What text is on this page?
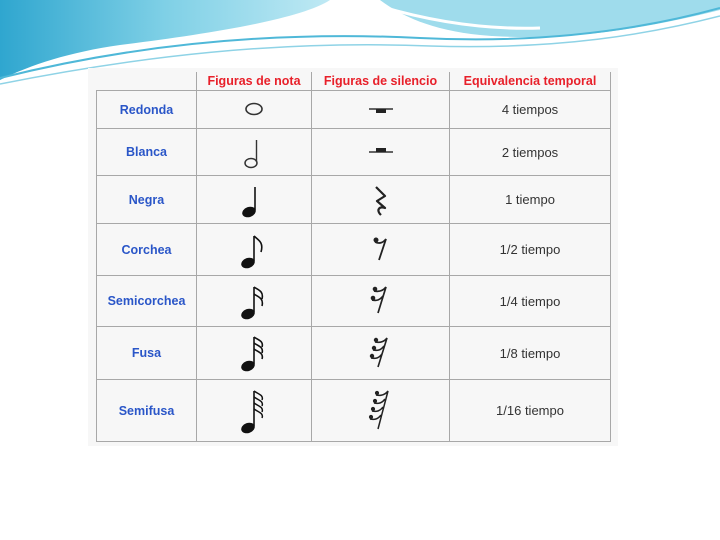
	Figuras de nota	Figuras de silencio	Equivalencia temporal
Redonda			4 tiempos
Blanca			2 tiempos
Negra			1 tiempo
Corchea			1/2 tiempo
Semicorchea			1/4 tiempo
Fusa			1/8 tiempo
Semifusa			1/16 tiempo
